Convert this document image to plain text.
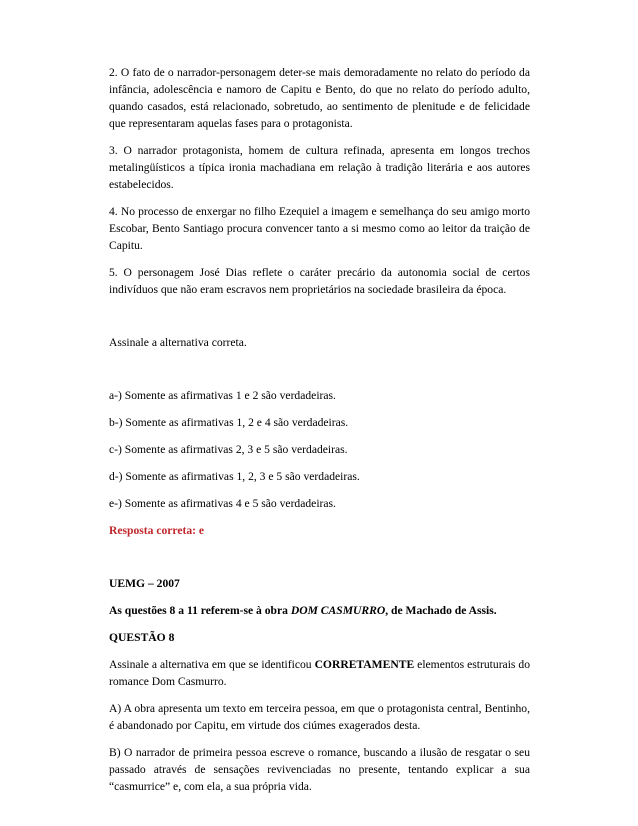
2. O fato de o narrador-personagem deter-se mais demoradamente no relato do período da infância, adolescência e namoro de Capitu e Bento, do que no relato do período adulto, quando casados, está relacionado, sobretudo, ao sentimento de plenitude e de felicidade que representaram aquelas fases para o protagonista.

3. O narrador protagonista, homem de cultura refinada, apresenta em longos trechos metalingüísticos a típica ironia machadiana em relação à tradição literária e aos autores estabelecidos.

4. No processo de enxergar no filho Ezequiel a imagem e semelhança do seu amigo morto Escobar, Bento Santiago procura convencer tanto a si mesmo como ao leitor da traição de Capitu.

5. O personagem José Dias reflete o caráter precário da autonomia social de certos indivíduos que não eram escravos nem proprietários na sociedade brasileira da época.

Assinale a alternativa correta.

a-) Somente as afirmativas 1 e 2 são verdadeiras.

b-) Somente as afirmativas 1, 2 e 4 são verdadeiras.

c-) Somente as afirmativas 2, 3 e 5 são verdadeiras.

d-) Somente as afirmativas 1, 2, 3 e 5 são verdadeiras.

e-) Somente as afirmativas 4 e 5 são verdadeiras.

Resposta correta: e

UEMG – 2007

As questões 8 a 11 referem-se à obra DOM CASMURRO, de Machado de Assis.

QUESTÃO 8

Assinale a alternativa em que se identificou CORRETAMENTE elementos estruturais do romance Dom Casmurro.

A) A obra apresenta um texto em terceira pessoa, em que o protagonista central, Bentinho, é abandonado por Capitu, em virtude dos ciúmes exagerados desta.

B) O narrador de primeira pessoa escreve o romance, buscando a ilusão de resgatar o seu passado através de sensações revivenciadas no presente, tentando explicar a sua “casmurrice” e, com ela, a sua própria vida.
